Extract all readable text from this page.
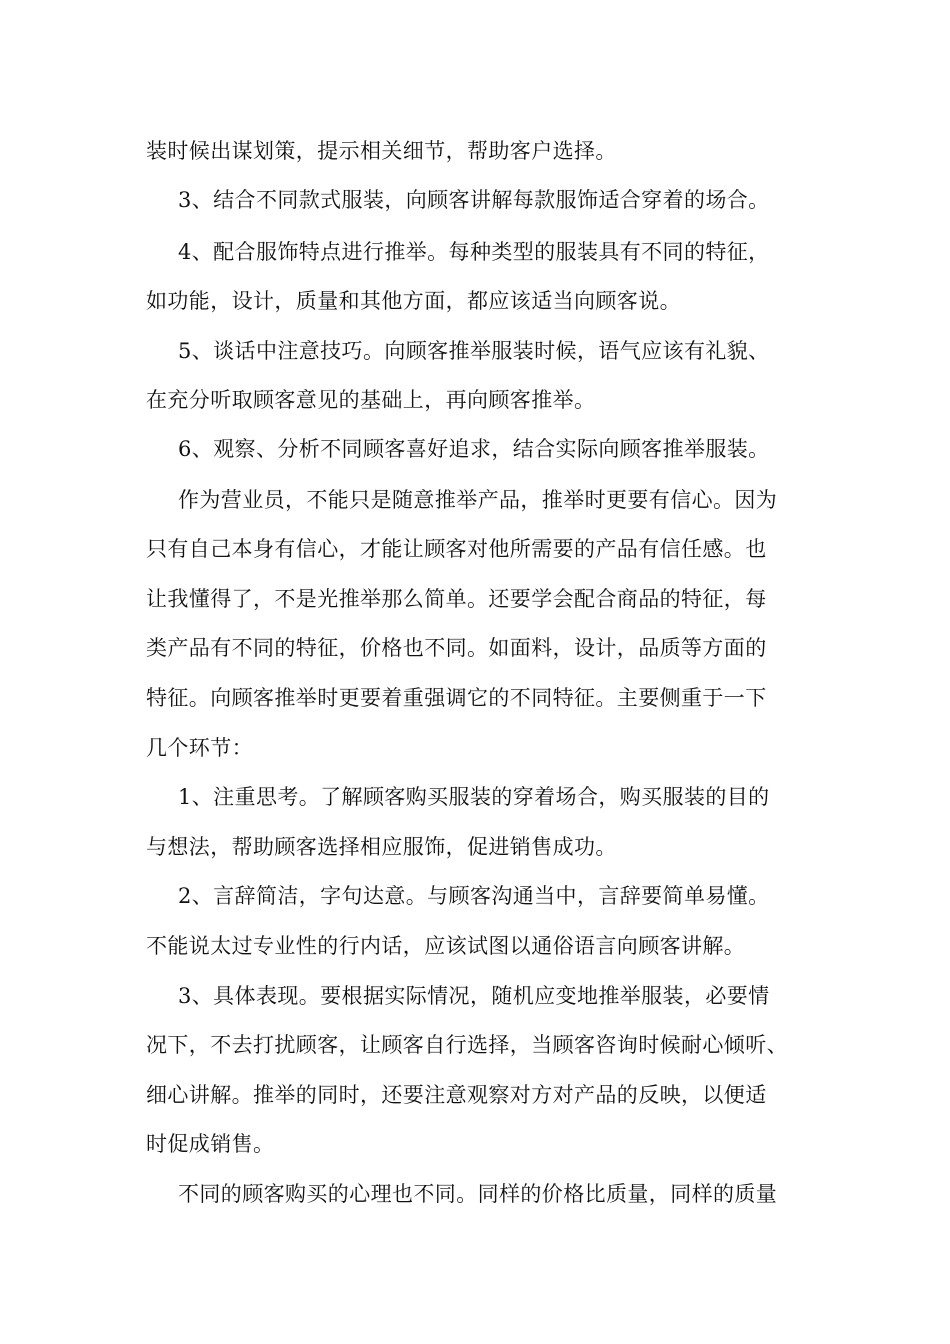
装时候出谋划策，提示相关细节，帮助客户选择。
3、结合不同款式服装，向顾客讲解每款服饰适合穿着的场合。
4、配合服饰特点进行推举。每种类型的服装具有不同的特征，
如功能，设计，质量和其他方面，都应该适当向顾客说。
5、谈话中注意技巧。向顾客推举服装时候，语气应该有礼貌、
在充分听取顾客意见的基础上，再向顾客推举。
6、观察、分析不同顾客喜好追求，结合实际向顾客推举服装。
作为营业员，不能只是随意推举产品，推举时更要有信心。因为
只有自己本身有信心，才能让顾客对他所需要的产品有信任感。也
让我懂得了，不是光推举那么简单。还要学会配合商品的特征，每
类产品有不同的特征，价格也不同。如面料，设计，品质等方面的
特征。向顾客推举时更要着重强调它的不同特征。主要侧重于一下
几个环节：
1、注重思考。了解顾客购买服装的穿着场合，购买服装的目的
与想法，帮助顾客选择相应服饰，促进销售成功。
2、言辞简洁，字句达意。与顾客沟通当中，言辞要简单易懂。
不能说太过专业性的行内话，应该试图以通俗语言向顾客讲解。
3、具体表现。要根据实际情况，随机应变地推举服装，必要情
况下，不去打扰顾客，让顾客自行选择，当顾客咨询时候耐心倾听、
细心讲解。推举的同时，还要注意观察对方对产品的反映，以便适
时促成销售。
不同的顾客购买的心理也不同。同样的价格比质量，同样的质量
